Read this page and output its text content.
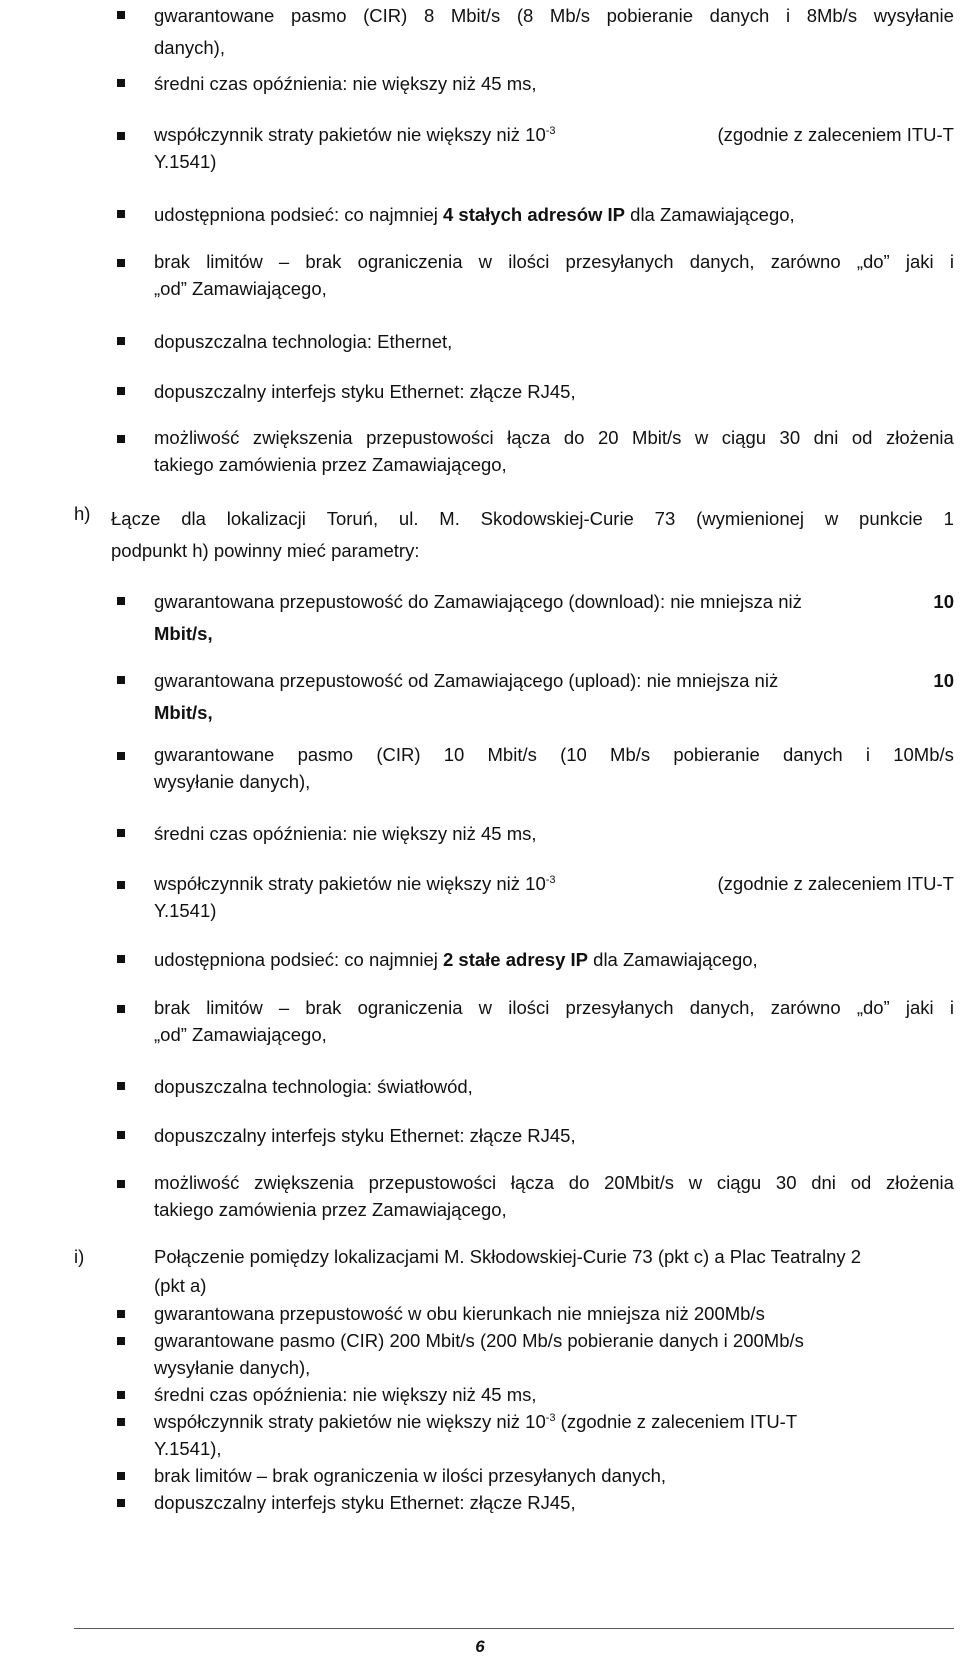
gwarantowane pasmo (CIR) 8 Mbit/s (8 Mb/s pobieranie danych i 8Mb/s wysyłanie
danych),
średni czas opóźnienia: nie większy niż 45 ms,
współczynnik straty pakietów nie większy niż $10^{-3}$	(zgodnie z zaleceniem ITU-T
Y.1541)
udostępniona podsieć: co najmniej 4 stałych adresów IP dla Zamawiającego,
brak limitów – brak ograniczenia w ilości przesyłanych danych, zarówno „do” jaki i
„od” Zamawiającego,
dopuszczalna technologia: Ethernet,
dopuszczalny interfejs styku Ethernet: złącze RJ45,
możliwość zwiększenia przepustowości łącza do 20 Mbit/s w ciągu 30 dni od złożenia
takiego zamówienia przez Zamawiającego,
h) Łącze dla lokalizacji Toruń, ul. M. Skodowskiej-Curie 73 (wymienionej w punkcie 1
podpunkt h) powinny mieć parametry:
gwarantowana przepustowość do Zamawiającego (download): nie mniejsza niż	10
Mbit/s,
gwarantowana przepustowość od Zamawiającego (upload): nie mniejsza niż	10
Mbit/s,
gwarantowane pasmo (CIR) 10 Mbit/s (10 Mb/s pobieranie danych i 10Mb/s
wysyłanie danych),
średni czas opóźnienia: nie większy niż 45 ms,
współczynnik straty pakietów nie większy niż $10^{-3}$	(zgodnie z zaleceniem ITU-T
Y.1541)
udostępniona podsieć: co najmniej 2 stałe adresy IP dla Zamawiającego,
brak limitów – brak ograniczenia w ilości przesyłanych danych, zarówno „do” jaki i
„od” Zamawiającego,
dopuszczalna technologia: światłowód,
dopuszczalny interfejs styku Ethernet: złącze RJ45,
możliwość zwiększenia przepustowości łącza do 20Mbit/s w ciągu 30 dni od złożenia
takiego zamówienia przez Zamawiającego,
i)	Połączenie pomiędzy lokalizacjami M. Skłodowskiej-Curie 73 (pkt c) a Plac Teatralny 2
(pkt a)
gwarantowana przepustowość w obu kierunkach nie mniejsza niż 200Mb/s
gwarantowane pasmo (CIR) 200 Mbit/s (200 Mb/s pobieranie danych i 200Mb/s
wysyłanie danych),
średni czas opóźnienia: nie większy niż 45 ms,
współczynnik straty pakietów nie większy niż $10^{-3}$ (zgodnie z zaleceniem ITU-T
Y.1541),
brak limitów – brak ograniczenia w ilości przesyłanych danych,
dopuszczalny interfejs styku Ethernet: złącze RJ45,
6
